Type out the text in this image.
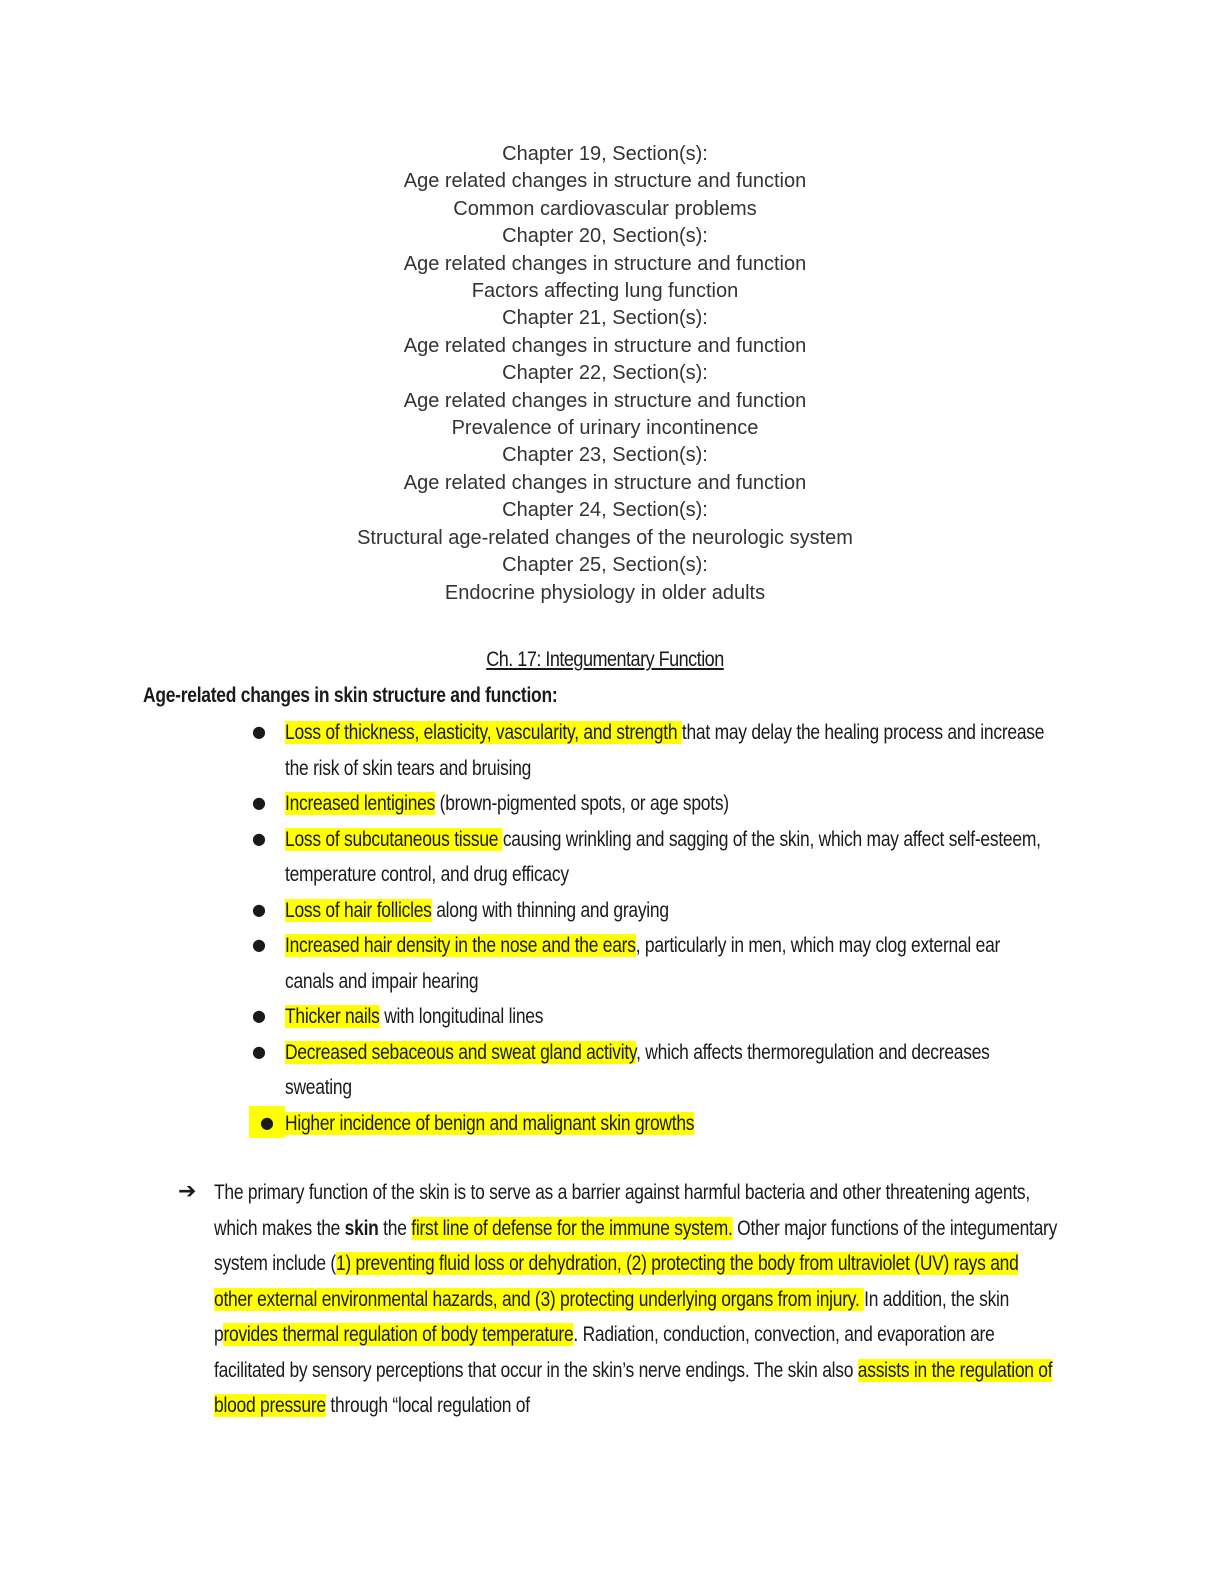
Chapter 19, Section(s):
Age related changes in structure and function
Common cardiovascular problems
Chapter 20, Section(s):
Age related changes in structure and function
Factors affecting lung function
Chapter 21, Section(s):
Age related changes in structure and function
Chapter 22, Section(s):
Age related changes in structure and function
Prevalence of urinary incontinence
Chapter 23, Section(s):
Age related changes in structure and function
Chapter 24, Section(s):
Structural age-related changes of the neurologic system
Chapter 25, Section(s):
Endocrine physiology in older adults
Ch. 17: Integumentary Function
Age-related changes in skin structure and function:
● Loss of thickness, elasticity, vascularity, and strength that may delay the healing process and increase the risk of skin tears and bruising
● Increased lentigines (brown-pigmented spots, or age spots)
● Loss of subcutaneous tissue causing wrinkling and sagging of the skin, which may affect self-esteem, temperature control, and drug efficacy
● Loss of hair follicles along with thinning and graying
● Increased hair density in the nose and the ears, particularly in men, which may clog external ear canals and impair hearing
● Thicker nails with longitudinal lines
● Decreased sebaceous and sweat gland activity, which affects thermoregulation and decreases sweating
● Higher incidence of benign and malignant skin growths
➔ The primary function of the skin is to serve as a barrier against harmful bacteria and other threatening agents, which makes the skin the first line of defense for the immune system. Other major functions of the integumentary system include (1) preventing fluid loss or dehydration, (2) protecting the body from ultraviolet (UV) rays and other external environmental hazards, and (3) protecting underlying organs from injury. In addition, the skin provides thermal regulation of body temperature. Radiation, conduction, convection, and evaporation are facilitated by sensory perceptions that occur in the skin’s nerve endings. The skin also assists in the regulation of blood pressure through “local regulation of
